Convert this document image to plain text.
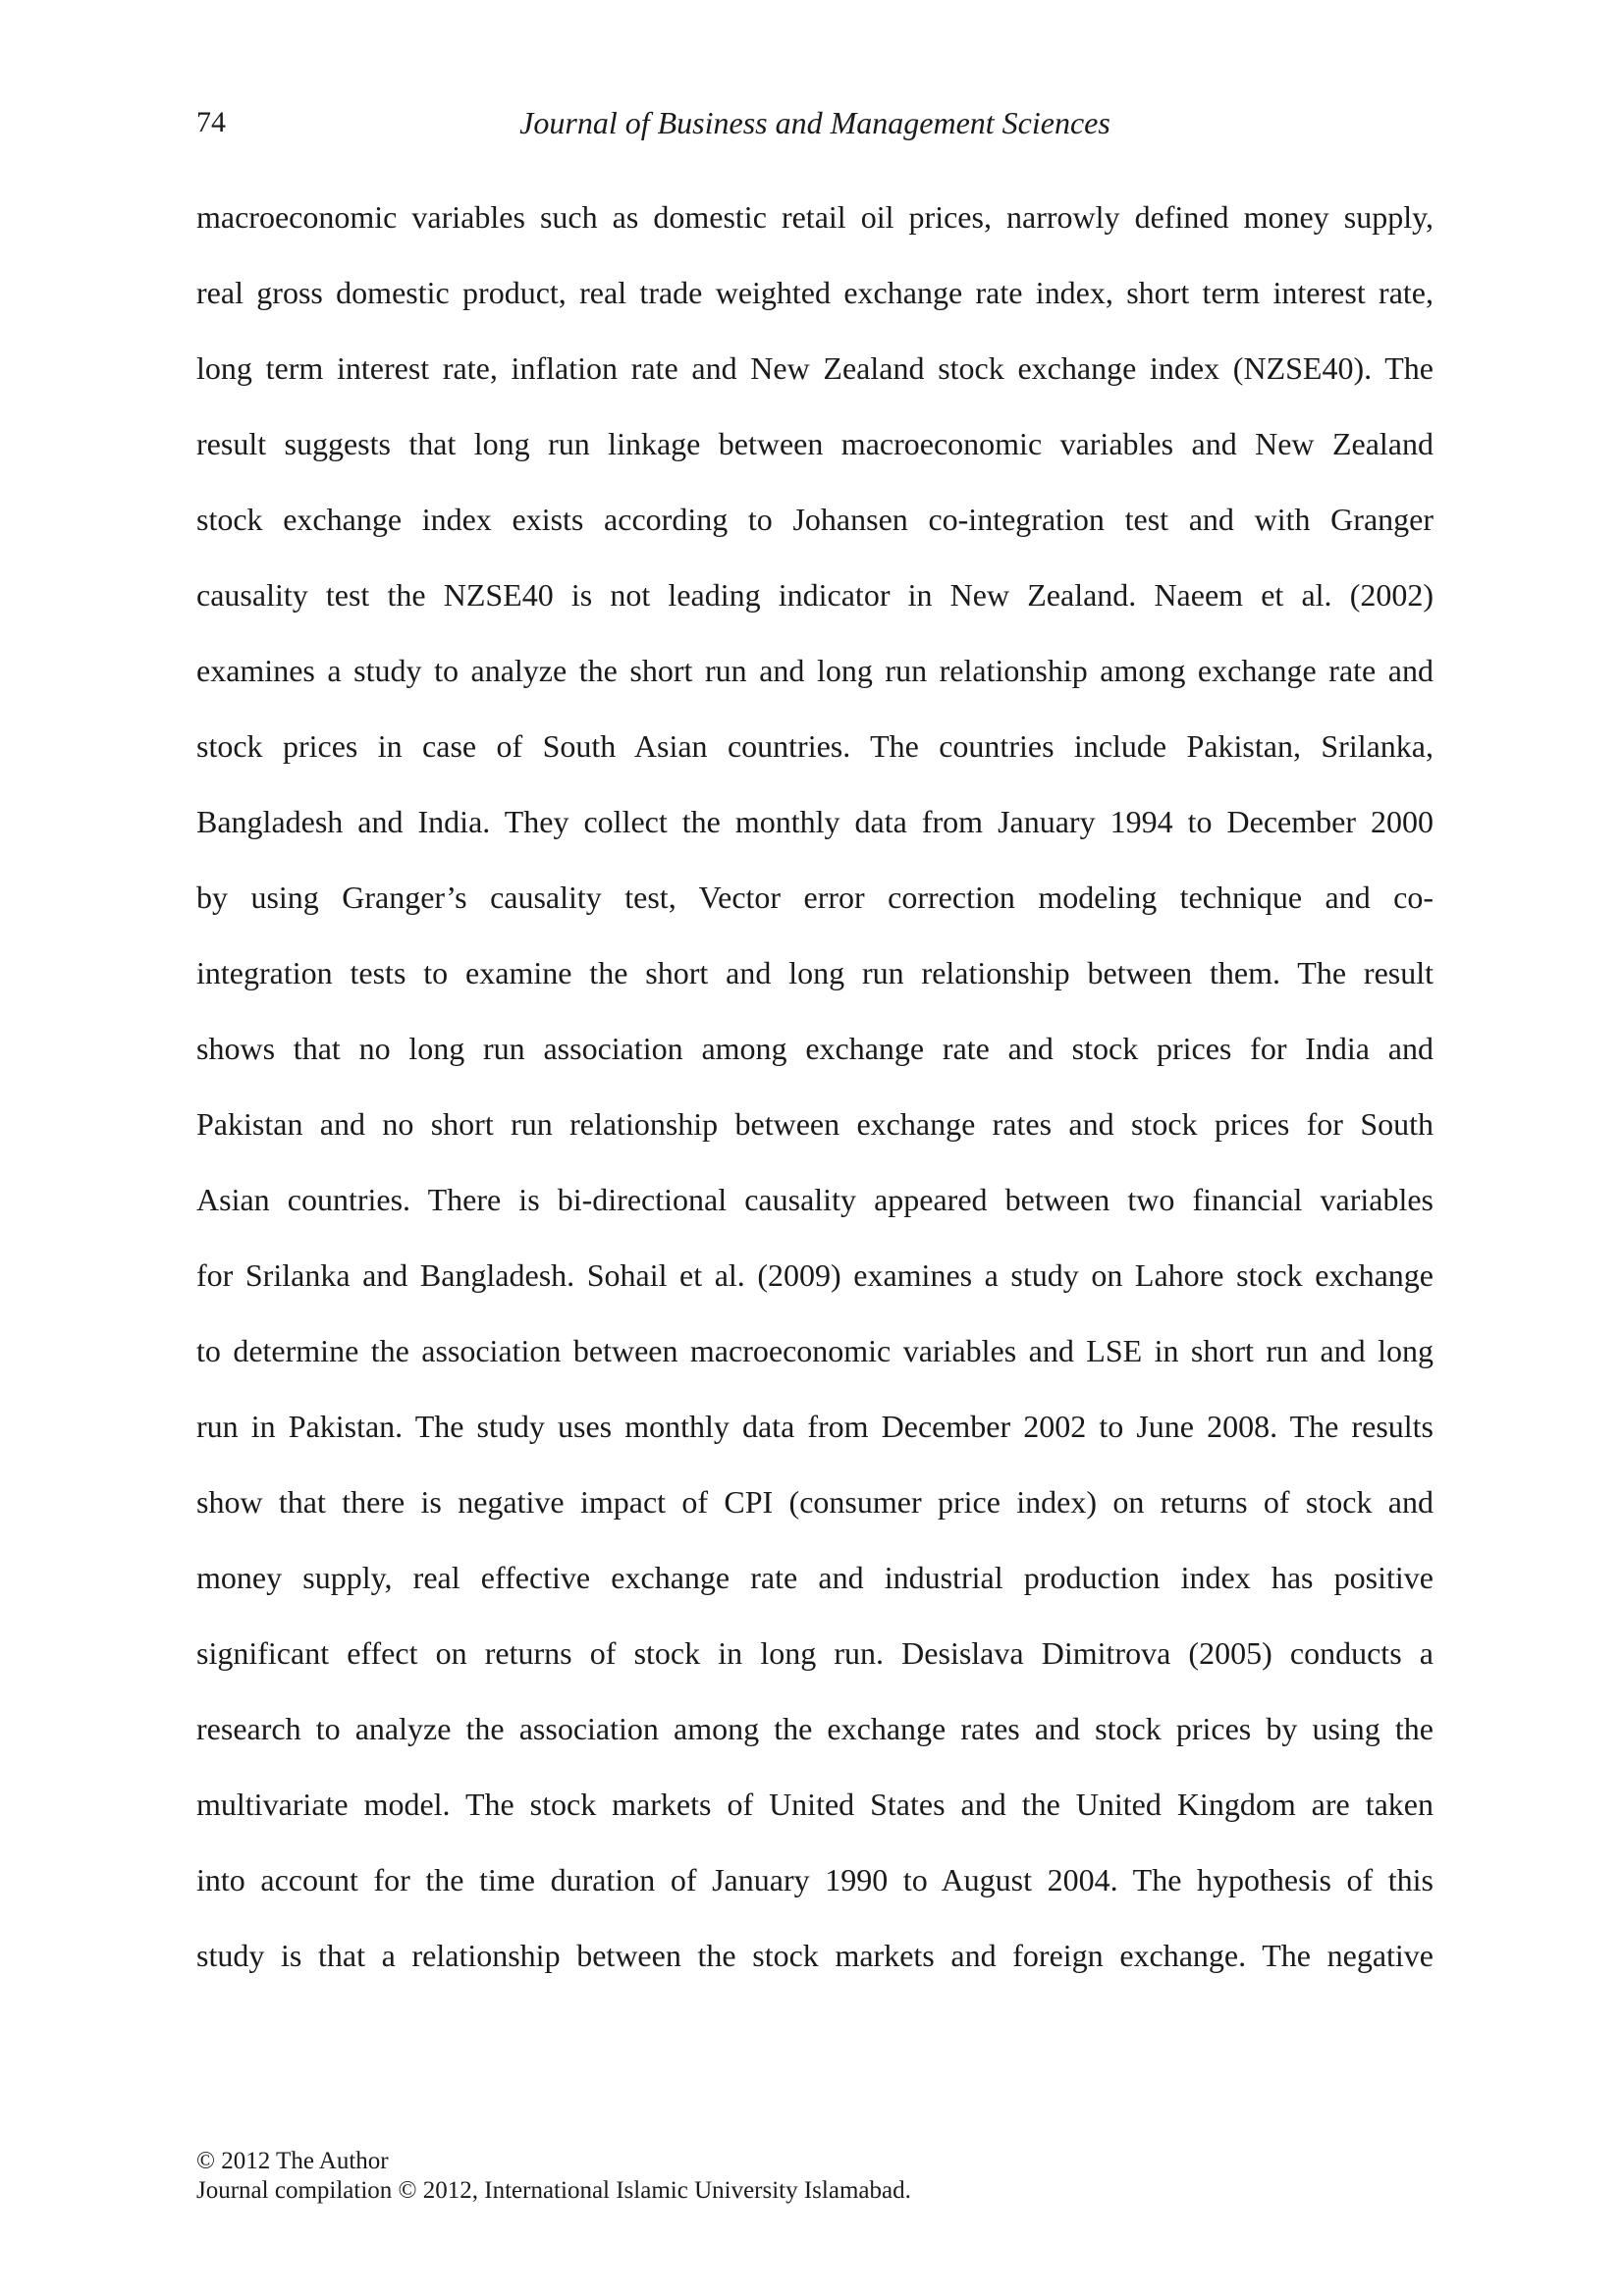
74	Journal of Business and Management Sciences
macroeconomic variables such as domestic retail oil prices, narrowly defined money supply,
real gross domestic product, real trade weighted exchange rate index, short term interest rate,
long term interest rate, inflation rate and New Zealand stock exchange index (NZSE40). The
result suggests that long run linkage between macroeconomic variables and New Zealand
stock exchange index exists according to Johansen co-integration test and with Granger
causality test the NZSE40 is not leading indicator in New Zealand. Naeem et al. (2002)
examines a study to analyze the short run and long run relationship among exchange rate and
stock prices in case of South Asian countries. The countries include Pakistan, Srilanka,
Bangladesh and India. They collect the monthly data from January 1994 to December 2000
by using Granger’s causality test, Vector error correction modeling technique and co-
integration tests to examine the short and long run relationship between them. The result
shows that no long run association among exchange rate and stock prices for India and
Pakistan and no short run relationship between exchange rates and stock prices for South
Asian countries. There is bi-directional causality appeared between two financial variables
for Srilanka and Bangladesh. Sohail et al. (2009) examines a study on Lahore stock exchange
to determine the association between macroeconomic variables and LSE in short run and long
run in Pakistan. The study uses monthly data from December 2002 to June 2008. The results
show that there is negative impact of CPI (consumer price index) on returns of stock and
money supply, real effective exchange rate and industrial production index has positive
significant effect on returns of stock in long run. Desislava Dimitrova (2005) conducts a
research to analyze the association among the exchange rates and stock prices by using the
multivariate model. The stock markets of United States and the United Kingdom are taken
into account for the time duration of January 1990 to August 2004. The hypothesis of this
study is that a relationship between the stock markets and foreign exchange. The negative
© 2012 The Author
Journal compilation © 2012, International Islamic University Islamabad.
